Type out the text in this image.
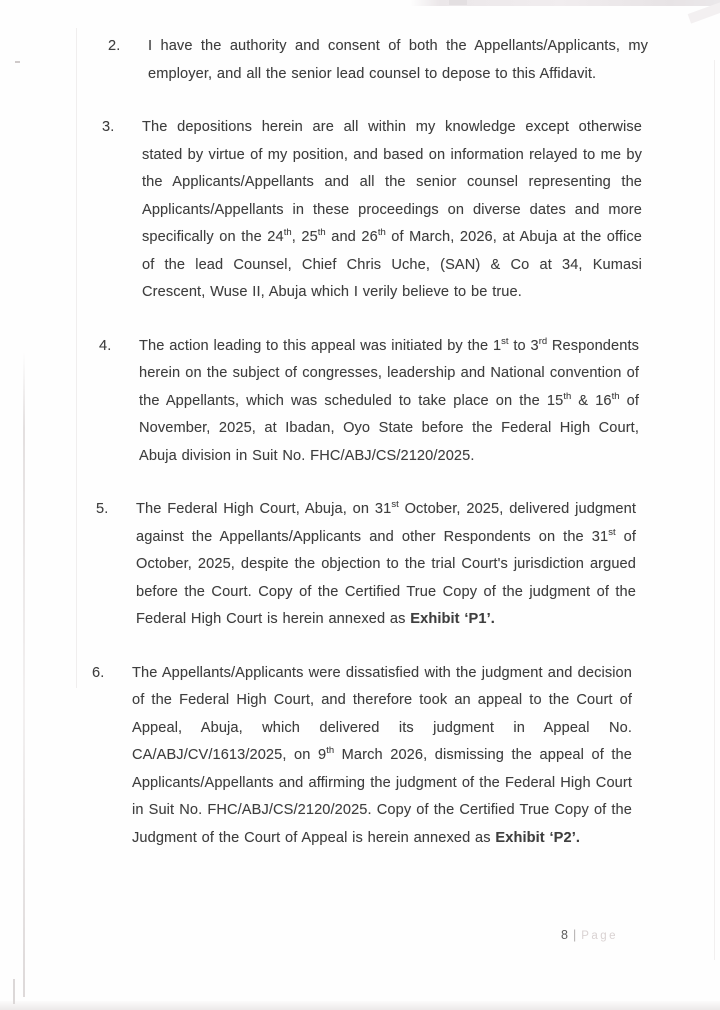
2.	I have the authority and consent of both the Appellants/Applicants, my employer, and all the senior lead counsel to depose to this Affidavit.
3.	The depositions herein are all within my knowledge except otherwise stated by virtue of my position, and based on information relayed to me by the Applicants/Appellants and all the senior counsel representing the Applicants/Appellants in these proceedings on diverse dates and more specifically on the 24th, 25th and 26th of March, 2026, at Abuja at the office of the lead Counsel, Chief Chris Uche, (SAN) & Co at 34, Kumasi Crescent, Wuse II, Abuja which I verily believe to be true.
4.	The action leading to this appeal was initiated by the 1st to 3rd Respondents herein on the subject of congresses, leadership and National convention of the Appellants, which was scheduled to take place on the 15th & 16th of November, 2025, at Ibadan, Oyo State before the Federal High Court, Abuja division in Suit No. FHC/ABJ/CS/2120/2025.
5.	The Federal High Court, Abuja, on 31st October, 2025, delivered judgment against the Appellants/Applicants and other Respondents on the 31st of October, 2025, despite the objection to the trial Court's jurisdiction argued before the Court. Copy of the Certified True Copy of the judgment of the Federal High Court is herein annexed as Exhibit ‘P1’.
6.	The Appellants/Applicants were dissatisfied with the judgment and decision of the Federal High Court, and therefore took an appeal to the Court of Appeal, Abuja, which delivered its judgment in Appeal No. CA/ABJ/CV/1613/2025, on 9th March 2026, dismissing the appeal of the Applicants/Appellants and affirming the judgment of the Federal High Court in Suit No. FHC/ABJ/CS/2120/2025. Copy of the Certified True Copy of the Judgment of the Court of Appeal is herein annexed as Exhibit ‘P2’.
8 | Page
